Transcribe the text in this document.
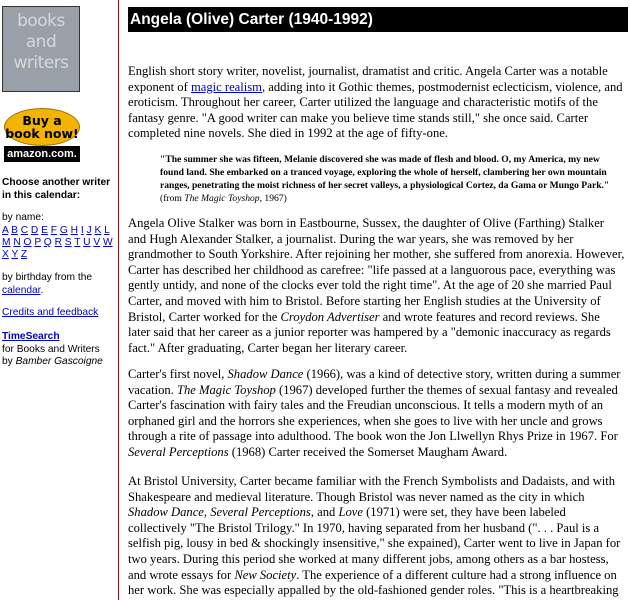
books and writers
Buy a book now!
amazon.com.
Choose another writer in this calendar:
by name:
A B C D E F G H I J K L M N O P Q R S T U V W X Y Z
by birthday from the calendar.
Credits and feedback
TimeSearch
for Books and Writers
by Bamber Gascoigne
Angela (Olive) Carter (1940-1992)
English short story writer, novelist, journalist, dramatist and critic. Angela Carter was a notable exponent of magic realism, adding into it Gothic themes, postmodernist eclecticism, violence, and eroticism. Throughout her career, Carter utilized the language and characteristic motifs of the fantasy genre. "A good writer can make you believe time stands still," she once said. Carter completed nine novels. She died in 1992 at the age of fifty-one.
"The summer she was fifteen, Melanie discovered she was made of flesh and blood. O, my America, my new found land. She embarked on a tranced voyage, exploring the whole of herself, clambering her own mountain ranges, penetrating the moist richness of her secret valleys, a physiological Cortez, da Gama or Mungo Park." (from The Magic Toyshop, 1967)
Angela Olive Stalker was born in Eastbourne, Sussex, the daughter of Olive (Farthing) Stalker and Hugh Alexander Stalker, a journalist. During the war years, she was removed by her grandmother to South Yorkshire. After rejoining her mother, she suffered from anorexia. However, Carter has described her childhood as carefree: "life passed at a languorous pace, everything was gently untidy, and none of the clocks ever told the right time". At the age of 20 she married Paul Carter, and moved with him to Bristol. Before starting her English studies at the University of Bristol, Carter worked for the Croydon Advertiser and wrote features and record reviews. She later said that her career as a junior reporter was hampered by a "demonic inaccuracy as regards fact." After graduating, Carter began her literary career.
Carter's first novel, Shadow Dance (1966), was a kind of detective story, written during a summer vacation. The Magic Toyshop (1967) developed further the themes of sexual fantasy and revealed Carter's fascination with fairy tales and the Freudian unconscious. It tells a modern myth of an orphaned girl and the horrors she experiences, when she goes to live with her uncle and grows through a rite of passage into adulthood. The book won the Jon Llwellyn Rhys Prize in 1967. For Several Perceptions (1968) Carter received the Somerset Maugham Award.
At Bristol University, Carter became familiar with the French Symbolists and Dadaists, and with Shakespeare and medieval literature. Though Bristol was never named as the city in which Shadow Dance, Several Perceptions, and Love (1971) were set, they have been labeled collectively "The Bristol Trilogy." In 1970, having separated from her husband (". . . Paul is a selfish pig, lousy in bed & shockingly insensitive," she expained), Carter went to live in Japan for two years. During this period she worked at many different jobs, among others as a bar hostess, and wrote essays for New Society. The experience of a different culture had a strong influence on her work. She was especially appalled by the old-fashioned gender roles. "This is a heartbreaking
